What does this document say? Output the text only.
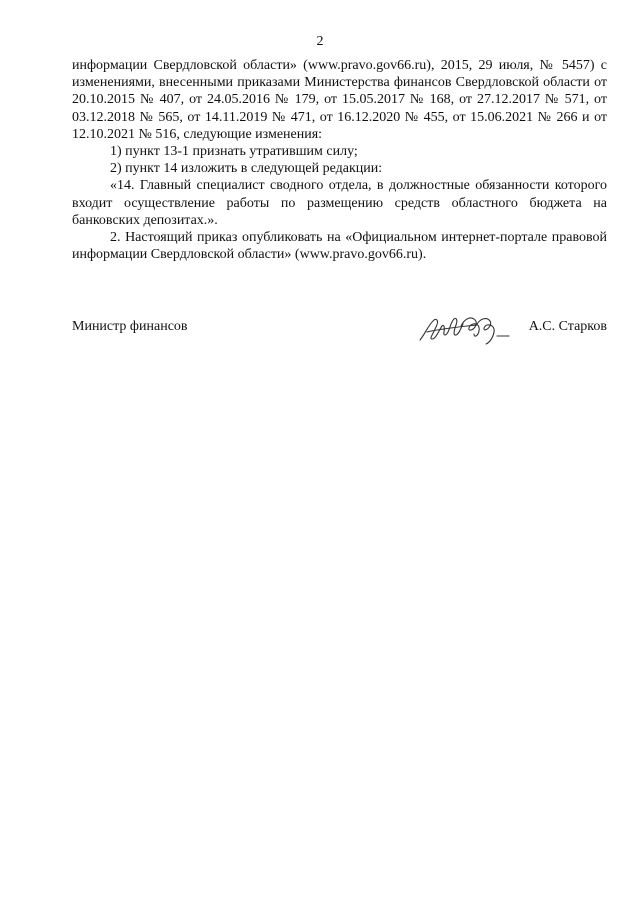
2

информации Свердловской области» (www.pravo.gov66.ru), 2015, 29 июля, № 5457) с изменениями, внесенными приказами Министерства финансов Свердловской области от 20.10.2015 № 407, от 24.05.2016 № 179, от 15.05.2017 № 168, от 27.12.2017 № 571, от 03.12.2018 № 565, от 14.11.2019 № 471, от 16.12.2020 № 455, от 15.06.2021 № 266 и от 12.10.2021 № 516, следующие изменения:

1) пункт 13-1 признать утратившим силу;

2) пункт 14 изложить в следующей редакции:

«14. Главный специалист сводного отдела, в должностные обязанности которого входит осуществление работы по размещению средств областного бюджета на банковских депозитах.».

2. Настоящий приказ опубликовать на «Официальном интернет-портале правовой информации Свердловской области» (www.pravo.gov66.ru).

Министр финансов	А.С. Старков
